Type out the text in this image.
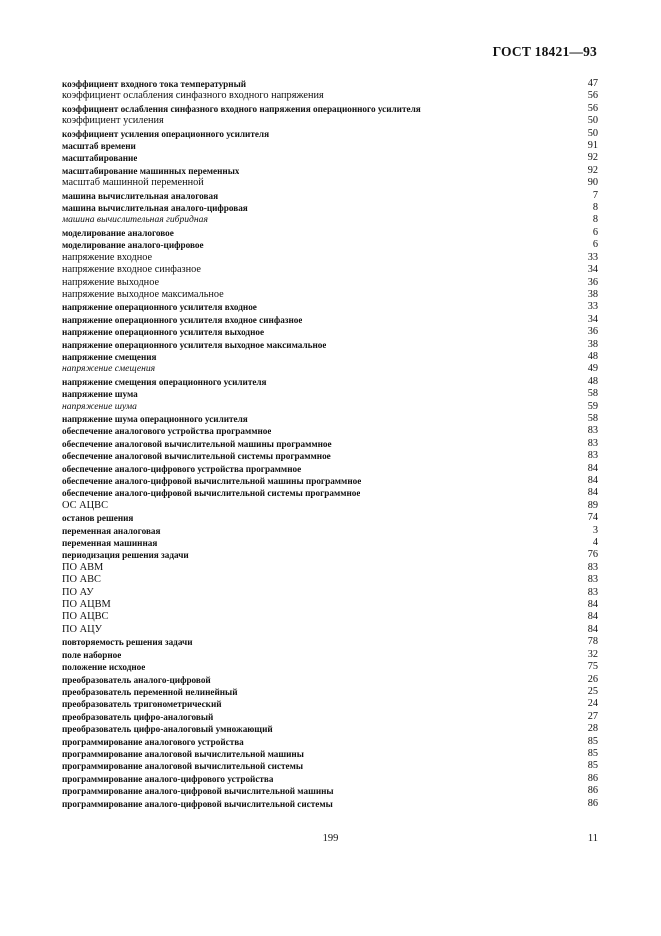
ГОСТ 18421—93
коэффициент входного тока температурный	47
коэффициент ослабления синфазного входного напряжения	56
коэффициент ослабления синфазного входного напряжения операционного усилителя	56
коэффициент усиления	50
коэффициент усиления операционного усилителя	50
масштаб времени	91
масштабирование	92
масштабирование машинных переменных	92
масштаб машинной переменной	90
машина вычислительная аналоговая	7
машина вычислительная аналого-цифровая	8
машина вычислительная гибридная	8
моделирование аналоговое	6
моделирование аналого-цифровое	6
напряжение входное	33
напряжение входное синфазное	34
напряжение выходное	36
напряжение выходное максимальное	38
напряжение операционного усилителя входное	33
напряжение операционного усилителя входное синфазное	34
напряжение операционного усилителя выходное	36
напряжение операционного усилителя выходное максимальное	38
напряжение смещения	48
напряжение смещения	49
напряжение смещения операционного усилителя	48
напряжение шума	58
напряжение шума	59
напряжение шума операционного усилителя	58
обеспечение аналогового устройства программное	83
обеспечение аналоговой вычислительной машины программное	83
обеспечение аналоговой вычислительной системы программное	83
обеспечение аналого-цифрового устройства программное	84
обеспечение аналого-цифровой вычислительной машины программное	84
обеспечение аналого-цифровой вычислительной системы программное	84
ОС АЦВС	89
останов решения	74
переменная аналоговая	3
переменная машинная	4
периодизация решения задачи	76
ПО АВМ	83
ПО АВС	83
ПО АУ	83
ПО АЦВМ	84
ПО АЦВС	84
ПО АЦУ	84
повторяемость решения задачи	78
поле наборное	32
положение исходное	75
преобразователь аналого-цифровой	26
преобразователь переменной нелинейный	25
преобразователь тригонометрический	24
преобразователь цифро-аналоговый	27
преобразователь цифро-аналоговый умножающий	28
программирование аналогового устройства	85
программирование аналоговой вычислительной машины	85
программирование аналоговой вычислительной системы	85
программирование аналого-цифрового устройства	86
программирование аналого-цифровой вычислительной машины	86
программирование аналого-цифровой вычислительной системы	86
199	11
